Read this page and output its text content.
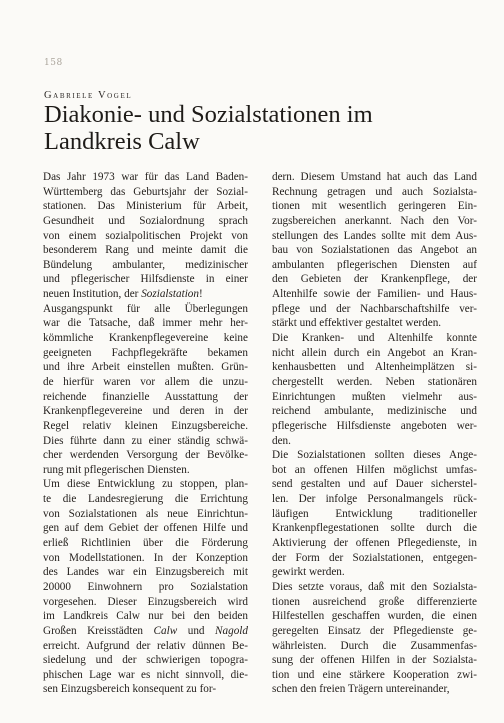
158
Gabriele Vogel
Diakonie- und Sozialstationen im
Landkreis Calw
Das Jahr 1973 war für das Land Baden-
Württemberg das Geburtsjahr der Sozial-
stationen. Das Ministerium für Arbeit,
Gesundheit und Sozialordnung sprach
von einem sozialpolitischen Projekt von
besonderem Rang und meinte damit die
Bündelung ambulanter, medizinischer
und pflegerischer Hilfsdienste in einer
neuen Institution, der Sozialstation!
Ausgangspunkt für alle Überlegungen
war die Tatsache, daß immer mehr her-
kömmliche Krankenpflegevereine keine
geeigneten Fachpflegekräfte bekamen
und ihre Arbeit einstellen mußten. Grün-
de hierfür waren vor allem die unzu-
reichende finanzielle Ausstattung der
Krankenpflegevereine und deren in der
Regel relativ kleinen Einzugsbereiche.
Dies führte dann zu einer ständig schwä-
cher werdenden Versorgung der Bevölke-
rung mit pflegerischen Diensten.
Um diese Entwicklung zu stoppen, plan-
te die Landesregierung die Errichtung
von Sozialstationen als neue Einrichtun-
gen auf dem Gebiet der offenen Hilfe und
erließ Richtlinien über die Förderung
von Modellstationen. In der Konzeption
des Landes war ein Einzugsbereich mit
20000 Einwohnern pro Sozialstation
vorgesehen. Dieser Einzugsbereich wird
im Landkreis Calw nur bei den beiden
Großen Kreisstädten Calw und Nagold
erreicht. Aufgrund der relativ dünnen Be-
siedelung und der schwierigen topogra-
phischen Lage war es nicht sinnvoll, die-
sen Einzugsbereich konsequent zu for-
dern. Diesem Umstand hat auch das Land
Rechnung getragen und auch Sozialsta-
tionen mit wesentlich geringeren Ein-
zugsbereichen anerkannt. Nach den Vor-
stellungen des Landes sollte mit dem Aus-
bau von Sozialstationen das Angebot an
ambulanten pflegerischen Diensten auf
den Gebieten der Krankenpflege, der
Altenhilfe sowie der Familien- und Haus-
pflege und der Nachbarschaftshilfe ver-
stärkt und effektiver gestaltet werden.
Die Kranken- und Altenhilfe konnte
nicht allein durch ein Angebot an Kran-
kenhausbetten und Altenheimplätzen si-
chergestellt werden. Neben stationären
Einrichtungen mußten vielmehr aus-
reichend ambulante, medizinische und
pflegerische Hilfsdienste angeboten wer-
den.
Die Sozialstationen sollten dieses Ange-
bot an offenen Hilfen möglichst umfas-
send gestalten und auf Dauer sicherstel-
len. Der infolge Personalmangels rück-
läufigen Entwicklung traditioneller
Krankenpflegestationen sollte durch die
Aktivierung der offenen Pflegedienste, in
der Form der Sozialstationen, entgegen-
gewirkt werden.
Dies setzte voraus, daß mit den Sozialsta-
tionen ausreichend große differenzierte
Hilfestellen geschaffen wurden, die einen
geregelten Einsatz der Pflegedienste ge-
währleisten. Durch die Zusammenfas-
sung der offenen Hilfen in der Sozialsta-
tion und eine stärkere Kooperation zwi-
schen den freien Trägern untereinander,
